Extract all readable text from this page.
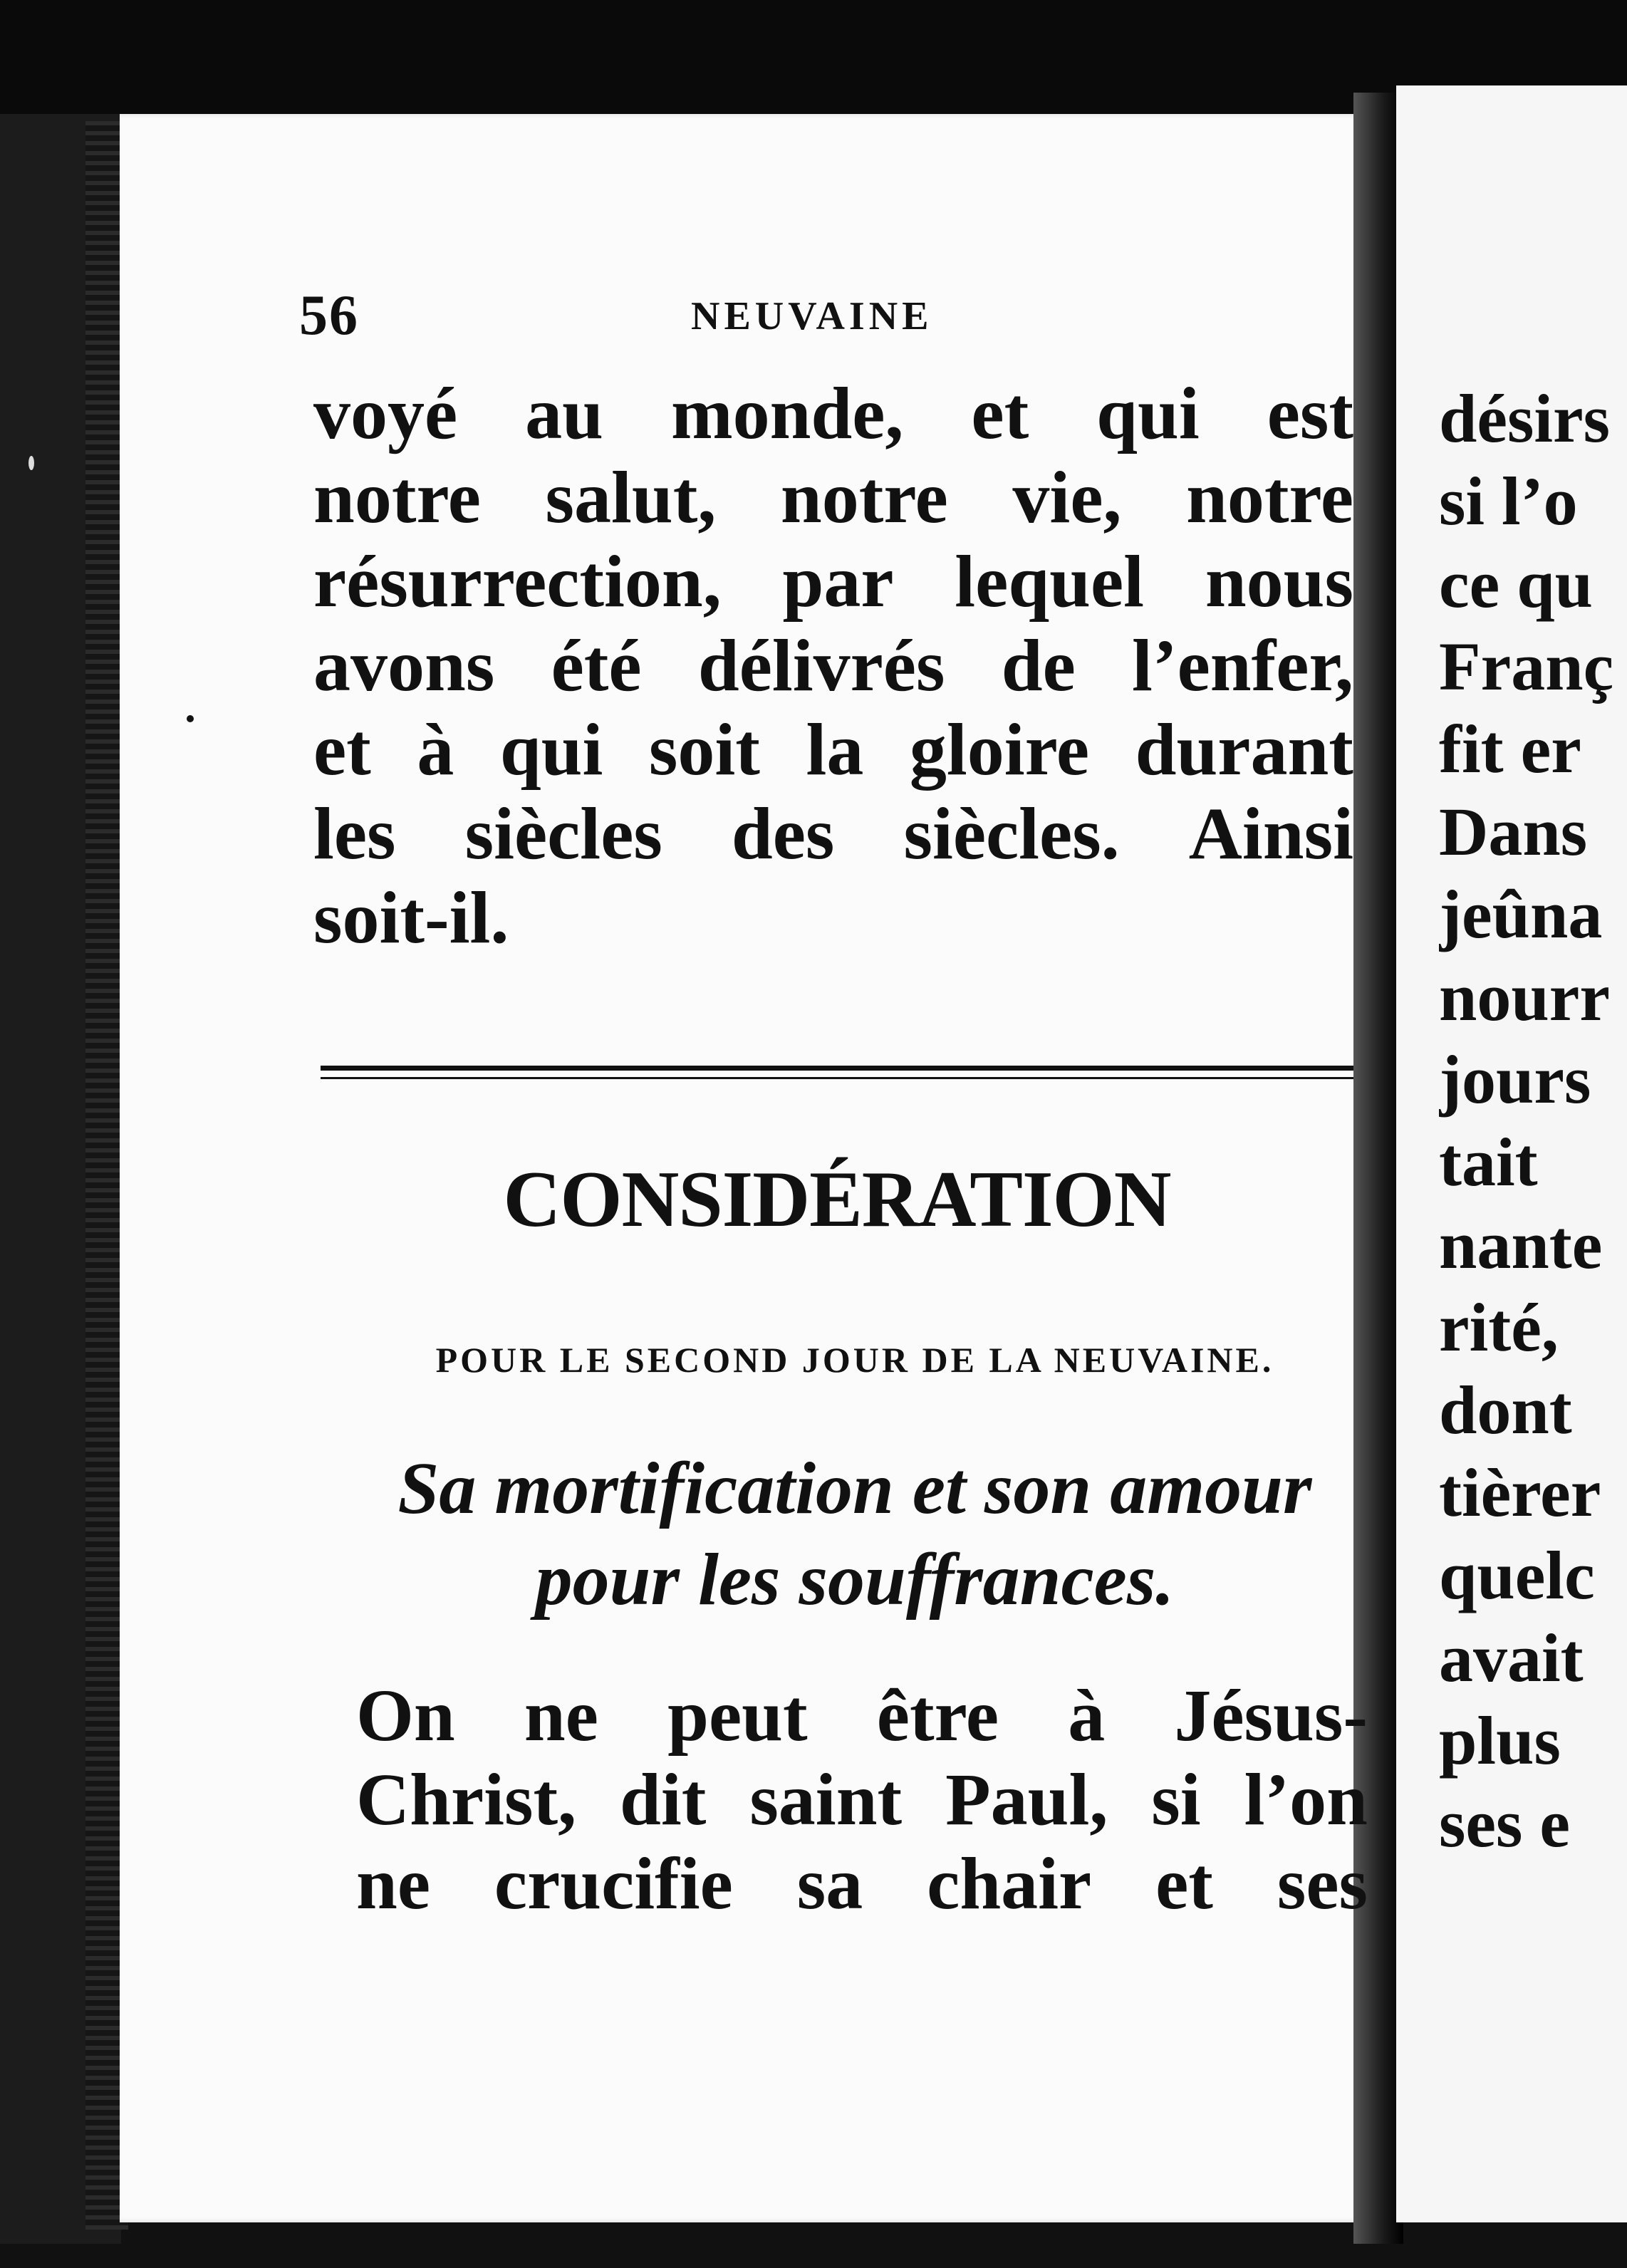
56	NEUVAINE
voyé au monde, et qui est
notre salut, notre vie, notre
résurrection, par lequel nous
avons été délivrés de l’enfer,
et à qui soit la gloire durant
les siècles des siècles. Ainsi
soit-il.
CONSIDÉRATION
POUR LE SECOND JOUR DE LA NEUVAINE.
Sa mortification et son amour
pour les souffrances.
On ne peut être à Jésus-
Christ, dit saint Paul, si l’on
ne crucifie sa chair et ses
désirs
si l’o
ce qu
Franç
fit er
Dans
jeûna
nourr
jours
tait
nante
rité,
dont
tièrer
quelc
avait
plus
ses e
